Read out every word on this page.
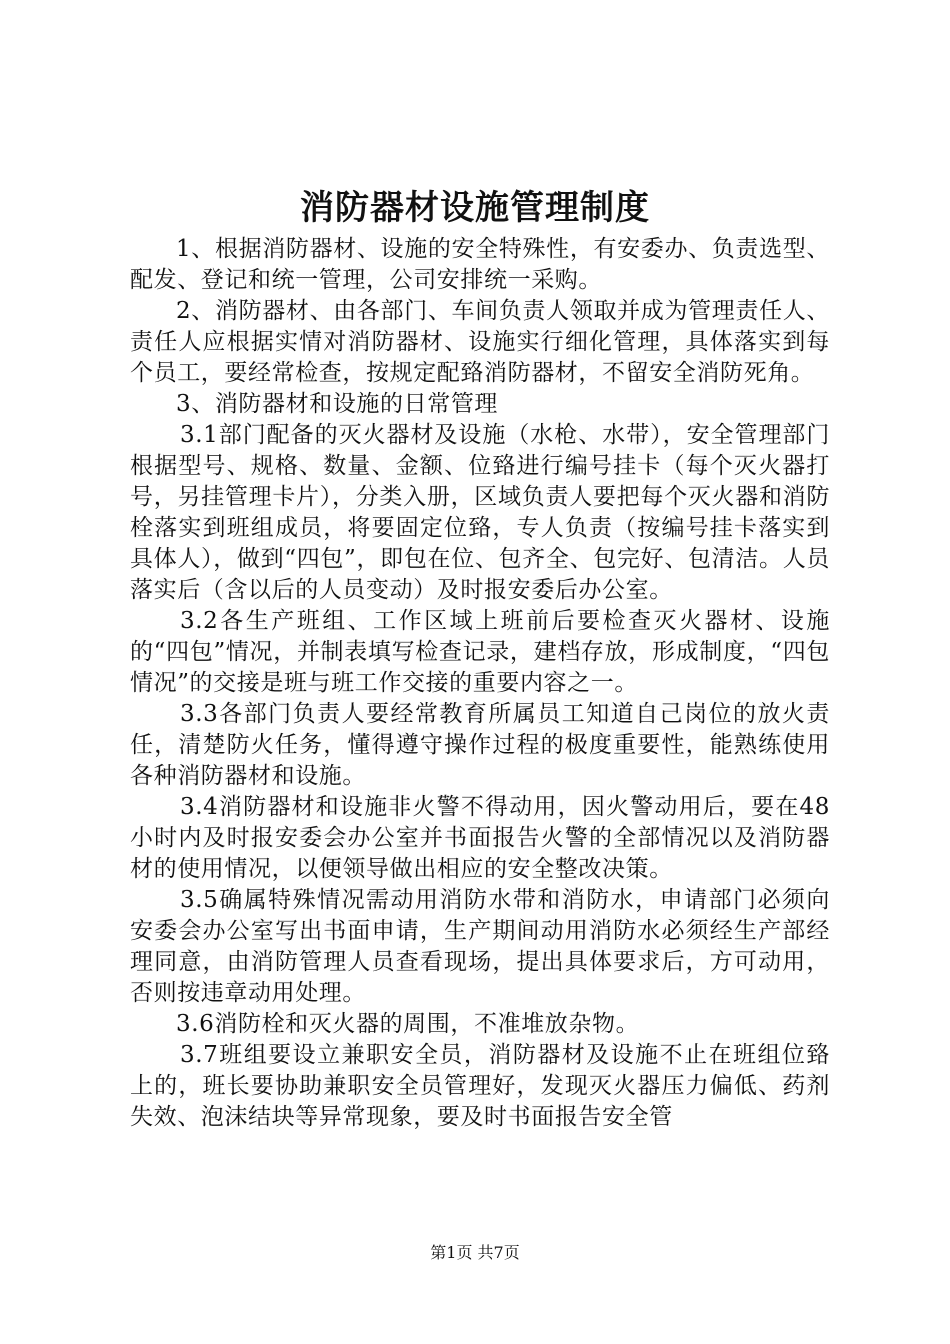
消防器材设施管理制度

1、根据消防器材、设施的安全特殊性，有安委办、负责选型、配发、登记和统一管理，公司安排统一采购。

2、消防器材、由各部门、车间负责人领取并成为管理责任人、责任人应根据实情对消防器材、设施实行细化管理，具体落实到每个员工，要经常检查，按规定配臵消防器材，不留安全消防死角。

3、消防器材和设施的日常管理

3.1部门配备的灭火器材及设施（水枪、水带），安全管理部门根据型号、规格、数量、金额、位臵进行编号挂卡（每个灭火器打号，另挂管理卡片），分类入册，区域负责人要把每个灭火器和消防栓落实到班组成员，将要固定位臵，专人负责（按编号挂卡落实到具体人），做到“四包”，即包在位、包齐全、包完好、包清洁。人员落实后（含以后的人员变动）及时报安委后办公室。

3.2各生产班组、工作区域上班前后要检查灭火器材、设施的“四包”情况，并制表填写检查记录，建档存放，形成制度，“四包情况”的交接是班与班工作交接的重要内容之一。

3.3各部门负责人要经常教育所属员工知道自己岗位的放火责任，清楚防火任务，懂得遵守操作过程的极度重要性，能熟练使用各种消防器材和设施。

3.4消防器材和设施非火警不得动用，因火警动用后，要在48小时内及时报安委会办公室并书面报告火警的全部情况以及消防器材的使用情况，以便领导做出相应的安全整改决策。

3.5确属特殊情况需动用消防水带和消防水，申请部门必须向安委会办公室写出书面申请，生产期间动用消防水必须经生产部经理同意，由消防管理人员查看现场，提出具体要求后，方可动用，否则按违章动用处理。

3.6消防栓和灭火器的周围，不准堆放杂物。

3.7班组要设立兼职安全员，消防器材及设施不止在班组位臵上的，班长要协助兼职安全员管理好，发现灭火器压力偏低、药剂失效、泡沫结块等异常现象，要及时书面报告安全管

第1页 共7页
